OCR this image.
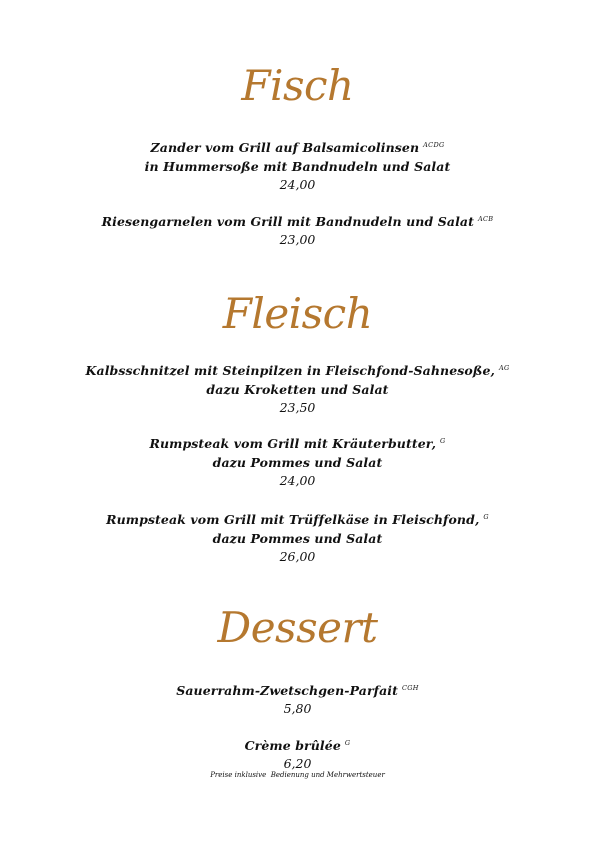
Fisch
Zander vom Grill auf Balsamicolinsen $^{ACDG}$
in Hummersoße mit Bandnudeln und Salat
24,00
Riesengarnelen vom Grill mit Bandnudeln und Salat $^{ACB}$
23,00
Fleisch
Kalbsschnitzel mit Steinpilzen in Fleischfond-Sahnesoße, $^{AG}$
dazu Kroketten und Salat
23,50
Rumpsteak vom Grill mit Kräuterbutter, $^G$
dazu Pommes und Salat
24,00
Rumpsteak vom Grill mit Trüffelkäse in Fleischfond, $^G$
dazu Pommes und Salat
26,00
Dessert
Sauerrahm-Zwetschgen-Parfait $^{CGH}$
5,80
Crème brûlée $^G$
6,20
Preise inklusive  Bedienung und Mehrwertsteuer
